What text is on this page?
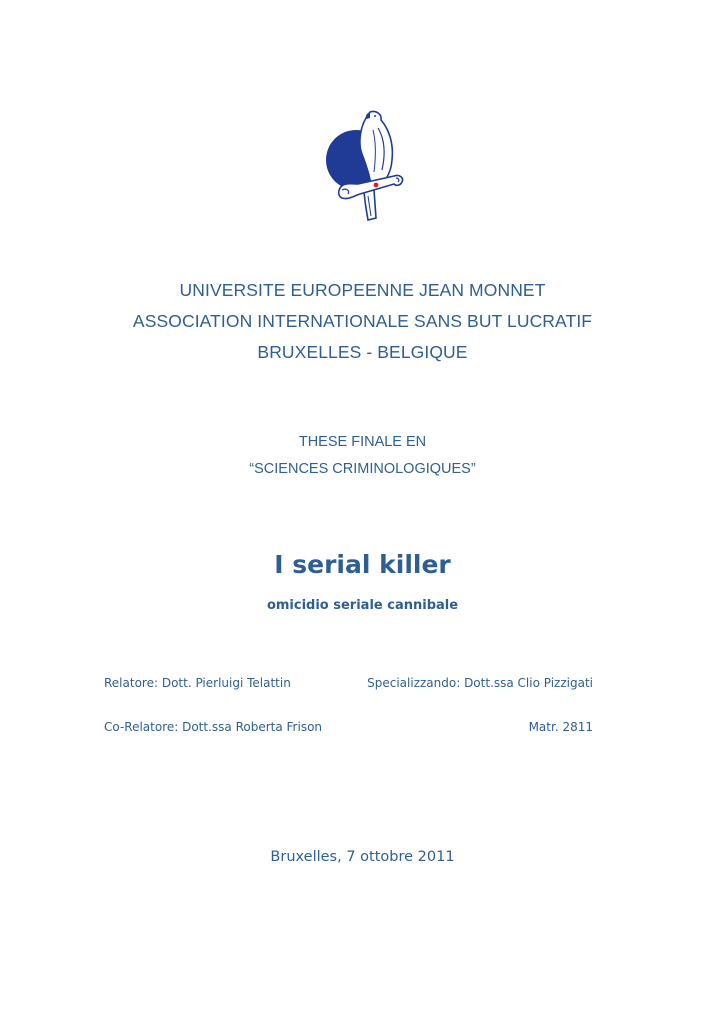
UNIVERSITE EUROPEENNE JEAN MONNET
ASSOCIATION INTERNATIONALE SANS BUT LUCRATIF
BRUXELLES - BELGIQUE
THESE FINALE EN
“SCIENCES CRIMINOLOGIQUES”
I serial killer
omicidio seriale cannibale
Relatore: Dott. Pierluigi Telattin	Specializzando: Dott.ssa Clio Pizzigati
Co-Relatore: Dott.ssa Roberta Frison	Matr. 2811
Bruxelles, 7 ottobre 2011
